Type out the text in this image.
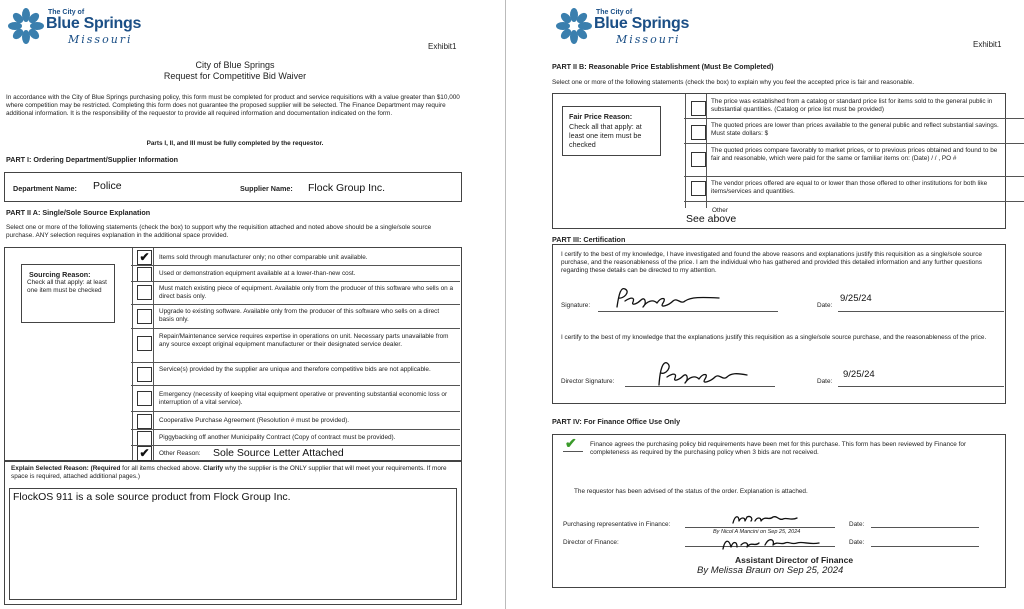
The City of
Blue Springs
Missouri
Exhibit1
City of Blue Springs
Request for Competitive Bid Waiver
In accordance with the City of Blue Springs purchasing policy, this form must be completed for product and service requisitions with a value greater than $10,000 where competition may be restricted. Completing this form does not guarantee the proposed supplier will be selected. The Finance Department may require additional information. It is the responsibility of the requestor to provide all required information and documentation indicated on the form.
Parts I, II, and III must be fully completed by the requestor.
PART I: Ordering Department/Supplier Information
Department Name: Police	Supplier Name: Flock Group Inc.
PART II A: Single/Sole Source Explanation
Select one or more of the following statements (check the box) to support why the requisition attached and noted above should be a single/sole source purchase. ANY selection requires explanation in the additional space provided.
Sourcing Reason:
Check all that apply: at least one item must be checked
✔	Items sold through manufacturer only; no other comparable unit available.
Used or demonstration equipment available at a lower-than-new cost.
Must match existing piece of equipment. Available only from the producer of this software who sells on a direct basis only.
Upgrade to existing software. Available only from the producer of this software who sells on a direct basis only.
Repair/Maintenance service requires expertise in operations on unit. Necessary parts unavailable from any source except original equipment manufacturer or their designated service dealer.
Service(s) provided by the supplier are unique and therefore competitive bids are not applicable.
Emergency (necessity of keeping vital equipment operative or preventing substantial economic loss or interruption of a vital service).
Cooperative Purchase Agreement (Resolution # must be provided).
Piggybacking off another Municipality Contract (Copy of contract must be provided).
✔	Other Reason: Sole Source Letter Attached
Explain Selected Reason: (Required for all items checked above. Clarify why the supplier is the ONLY supplier that will meet your requirements. If more space is required, attached additional pages.)
FlockOS 911 is a sole source product from Flock Group Inc.
The City of
Blue Springs
Missouri	Exhibit1
PART II B: Reasonable Price Establishment (Must Be Completed)
Select one or more of the following statements (check the box) to explain why you feel the accepted price is fair and reasonable.
Fair Price Reason:
Check all that apply: at least one item must be checked
The price was established from a catalog or standard price list for items sold to the general public in substantial quantities. (Catalog or price list must be provided)
The quoted prices are lower than prices available to the general public and reflect substantial savings. Must state dollars: $
The quoted prices compare favorably to market prices, or to previous prices obtained and found to be fair and reasonable, which were paid for the same or familiar items on: (Date) / / , PO #
The vendor prices offered are equal to or lower than those offered to other institutions for both like items/services and quantities.
Other
See above
PART III: Certification
I certify to the best of my knowledge, I have investigated and found the above reasons and explanations justify this requisition as a single/sole source purchase, and the reasonableness of the price. I am the individual who has gathered and provided this detailed information and any further questions regarding these details can be directed to my attention.
Signature:	Date:
9/25/24
I certify to the best of my knowledge that the explanations justify this requisition as a single/sole source purchase, and the reasonableness of the price.
Director Signature:	Date:
9/25/24
PART IV: For Finance Office Use Only
✔ Finance agrees the purchasing policy bid requirements have been met for this purchase. This form has been reviewed by Finance for completeness as required by the purchasing policy when 3 bids are not received.
The requestor has been advised of the status of the order. Explanation is attached.
Purchasing representative in Finance:
By Nicol A Mancini on Sep 25, 2024
Date:
Director of Finance:	Date:
Assistant Director of Finance
By Melissa Braun on Sep 25, 2024
